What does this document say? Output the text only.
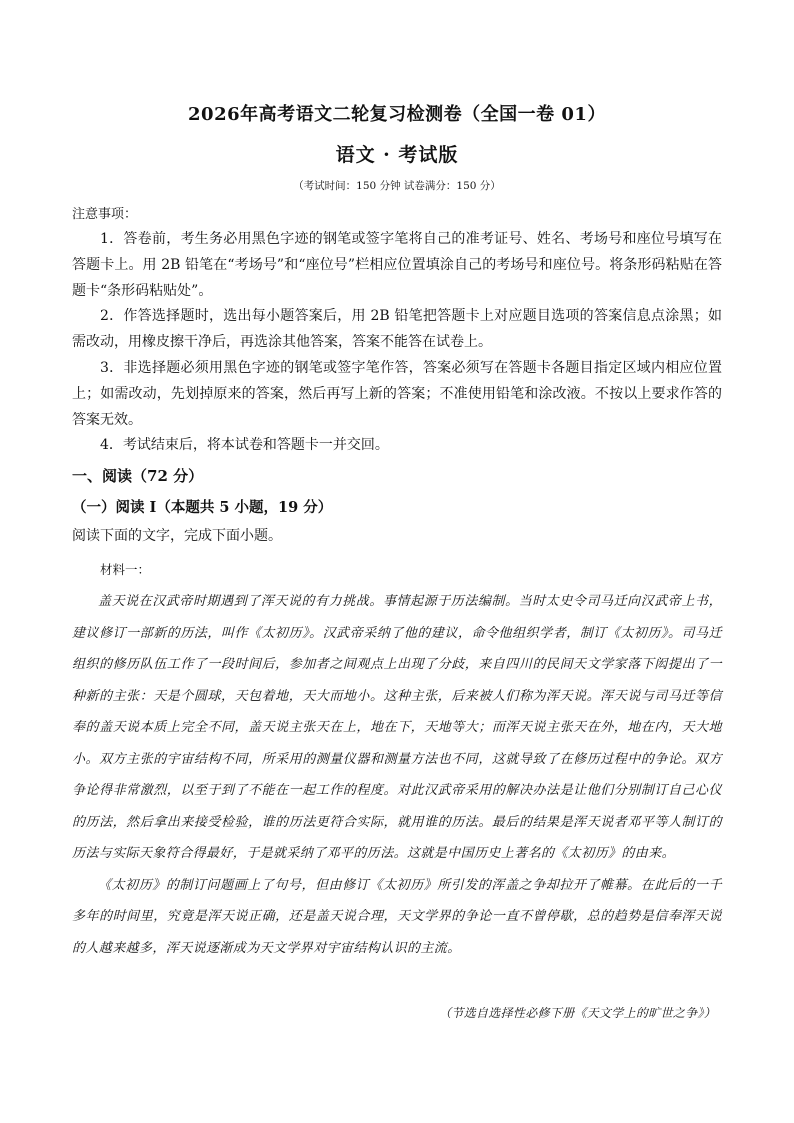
2026年高考语文二轮复习检测卷（全国一卷 01）
语文 · 考试版
（考试时间：150 分钟 试卷满分：150 分）
注意事项：

1．答卷前，考生务必用黑色字迹的钢笔或签字笔将自己的准考证号、姓名、考场号和座位号填写在答题卡上。用 2B 铅笔在“考场号”和“座位号”栏相应位置填涂自己的考场号和座位号。将条形码粘贴在答题卡“条形码粘贴处”。

2．作答选择题时，选出每小题答案后，用 2B 铅笔把答题卡上对应题目选项的答案信息点涂黑；如需改动，用橡皮擦干净后，再选涂其他答案，答案不能答在试卷上。

3．非选择题必须用黑色字迹的钢笔或签字笔作答，答案必须写在答题卡各题目指定区域内相应位置上；如需改动，先划掉原来的答案，然后再写上新的答案；不准使用铅笔和涂改液。不按以上要求作答的答案无效。

4．考试结束后，将本试卷和答题卡一并交回。

一、阅读（72 分）
（一）阅读 I（本题共 5 小题，19 分）
阅读下面的文字，完成下面小题。
材料一：

盖天说在汉武帝时期遇到了浑天说的有力挑战。事情起源于历法编制。当时太史令司马迁向汉武帝上书，建议修订一部新的历法，叫作《太初历》。汉武帝采纳了他的建议，命令他组织学者，制订《太初历》。司马迁组织的修历队伍工作了一段时间后，参加者之间观点上出现了分歧，来自四川的民间天文学家落下闳提出了一种新的主张：天是个圆球，天包着地，天大而地小。这种主张，后来被人们称为浑天说。浑天说与司马迁等信奉的盖天说本质上完全不同，盖天说主张天在上，地在下，天地等大；而浑天说主张天在外，地在内，天大地小。双方主张的宇宙结构不同，所采用的测量仪器和测量方法也不同，这就导致了在修历过程中的争论。双方争论得非常激烈，以至于到了不能在一起工作的程度。对此汉武帝采用的解决办法是让他们分别制订自己心仪的历法，然后拿出来接受检验，谁的历法更符合实际，就用谁的历法。最后的结果是浑天说者邓平等人制订的历法与实际天象符合得最好，于是就采纳了邓平的历法。这就是中国历史上著名的《太初历》的由来。

《太初历》的制订问题画上了句号，但由修订《太初历》所引发的浑盖之争却拉开了帷幕。在此后的一千多年的时间里，究竟是浑天说正确，还是盖天说合理，天文学界的争论一直不曾停歇，总的趋势是信奉浑天说的人越来越多，浑天说逐渐成为天文学界对宇宙结构认识的主流。

（节选自选择性必修下册《天文学上的旷世之争》）
